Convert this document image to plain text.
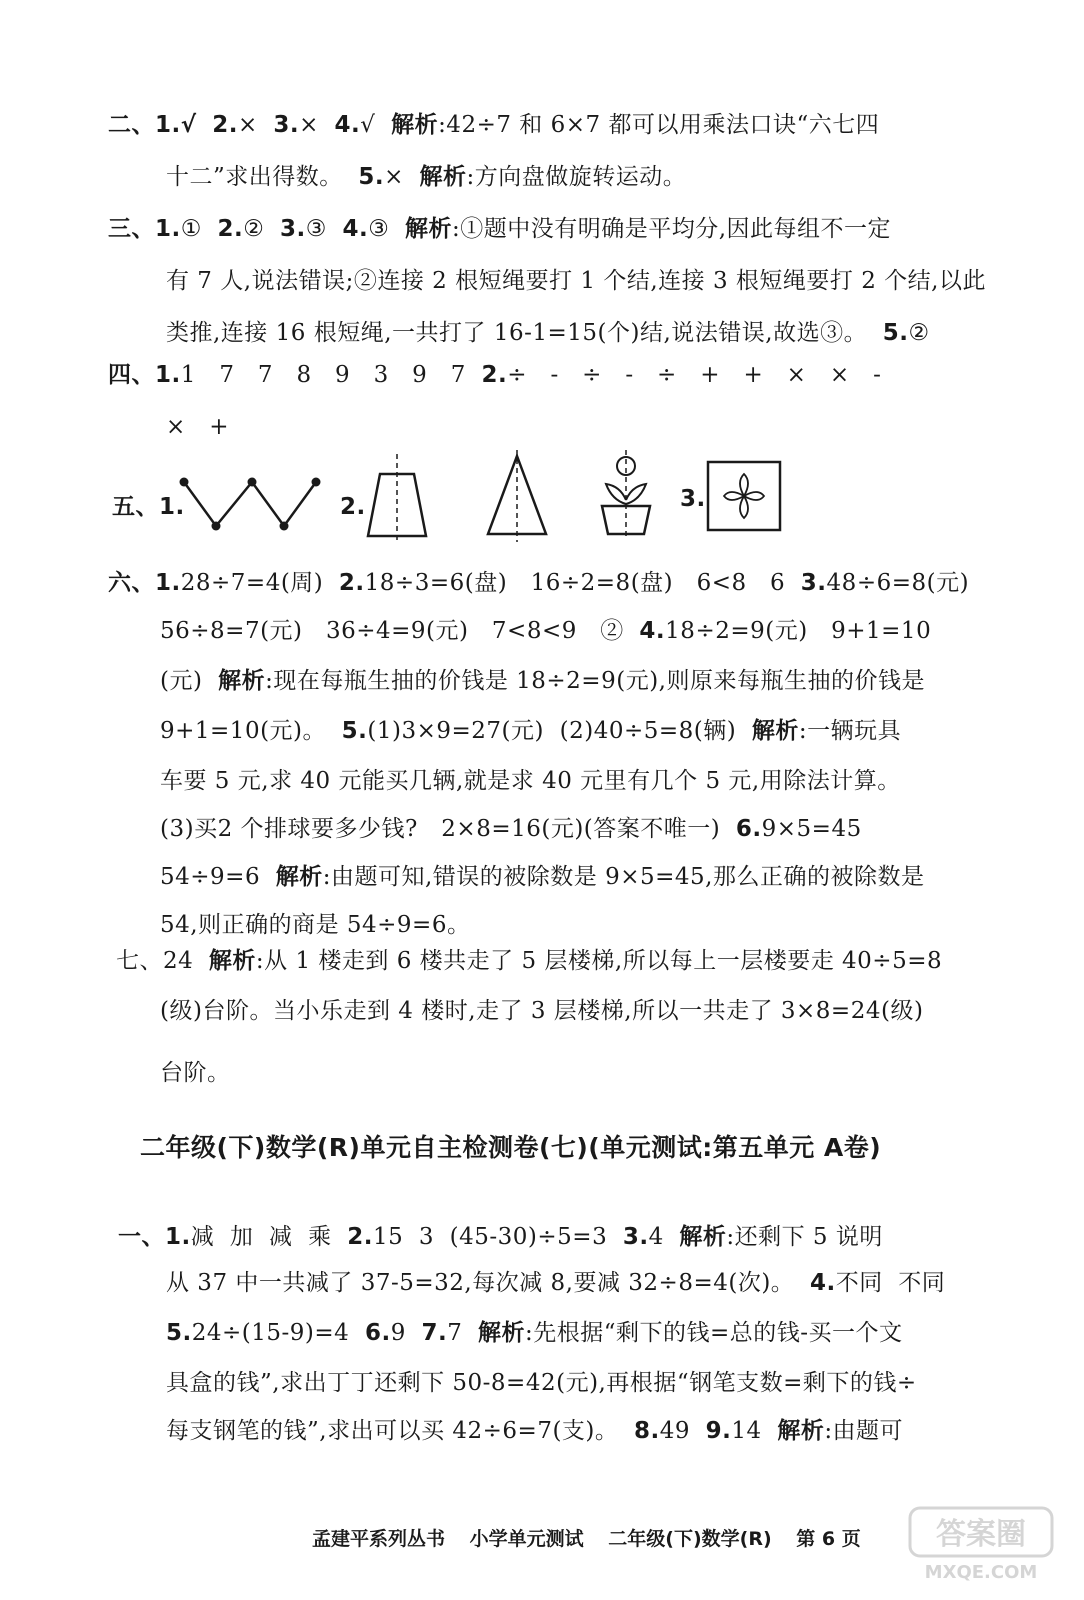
二、1.√ 2.×  3.×  4.√  解析:42÷7 和 6×7 都可以用乘法口诀“六七四
十二”求出得数。  5.×  解析:方向盘做旋转运动。
三、1.①  2.②  3.③  4.③  解析:①题中没有明确是平均分,因此每组不一定
有 7 人,说法错误;②连接 2 根短绳要打 1 个结,连接 3 根短绳要打 2 个结,以此
类推,连接 16 根短绳,一共打了 16-1=15(个)结,说法错误,故选③。  5.②
四、1.1   7   7   8   9   3   9   7  2.÷   -   ÷   -   ÷   +   +   ×   ×   -
×   +
六、1.28÷7=4(周)  2.18÷3=6(盘)   16÷2=8(盘)   6<8   6  3.48÷6=8(元)
56÷8=7(元)   36÷4=9(元)   7<8<9   ②  4.18÷2=9(元)   9+1=10
(元)  解析:现在每瓶生抽的价钱是 18÷2=9(元),则原来每瓶生抽的价钱是
9+1=10(元)。  5.(1)3×9=27(元)  (2)40÷5=8(辆)  解析:一辆玩具
车要 5 元,求 40 元能买几辆,就是求 40 元里有几个 5 元,用除法计算。
(3)买2 个排球要多少钱?   2×8=16(元)(答案不唯一)  6.9×5=45
54÷9=6  解析:由题可知,错误的被除数是 9×5=45,那么正确的被除数是
54,则正确的商是 54÷9=6。
七、24  解析:从 1 楼走到 6 楼共走了 5 层楼梯,所以每上一层楼要走 40÷5=8
(级)台阶。当小乐走到 4 楼时,走了 3 层楼梯,所以一共走了 3×8=24(级)
台阶。
一、1.减  加  减  乘  2.15  3  (45-30)÷5=3  3.4  解析:还剩下 5 说明
从 37 中一共减了 37-5=32,每次减 8,要减 32÷8=4(次)。  4.不同  不同
5.24÷(15-9)=4  6.9  7.7  解析:先根据“剩下的钱=总的钱-买一个文
具盒的钱”,求出丁丁还剩下 50-8=42(元),再根据“钢笔支数=剩下的钱÷
每支钢笔的钱”,求出可以买 42÷6=7(支)。  8.49  9.14  解析:由题可
五、1.	2.	3.
二年级(下)数学(R)单元自主检测卷(七)(单元测试:第五单元 A卷)
孟建平系列丛书 小学单元测试 二年级(下)数学(R) 第 6 页	答案圈
MXQE.COM
